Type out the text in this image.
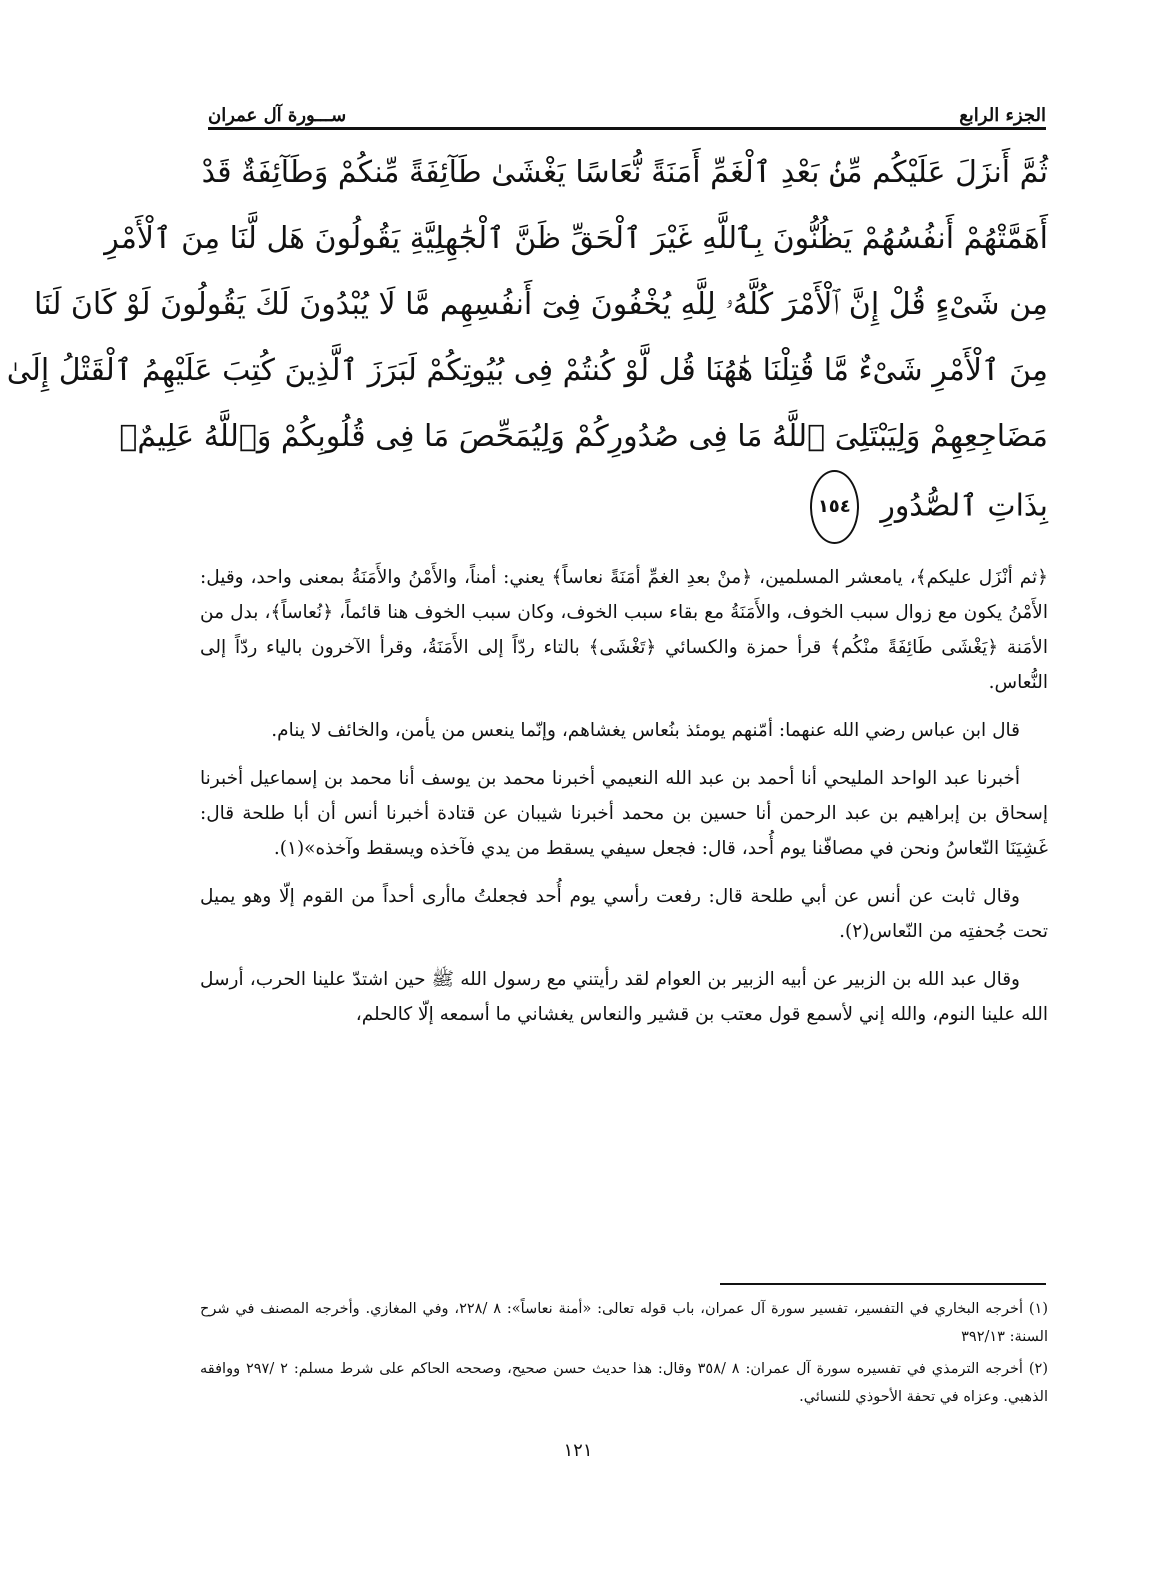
الجزء الرابع
ســـورة آل عمران
ثُمَّ أَنزَلَ عَلَيْكُم مِّنۢ بَعْدِ ٱلْغَمِّ أَمَنَةً نُّعَاسًا يَغْشَىٰ طَآئِفَةً مِّنكُمْ وَطَآئِفَةٌ قَدْ
أَهَمَّتْهُمْ أَنفُسُهُمْ يَظُنُّونَ بِٱللَّهِ غَيْرَ ٱلْحَقِّ ظَنَّ ٱلْجَٰهِلِيَّةِ يَقُولُونَ هَل لَّنَا مِنَ ٱلْأَمْرِ
مِن شَىْءٍ قُلْ إِنَّ ٱلْأَمْرَ كُلَّهُۥ لِلَّهِ يُخْفُونَ فِىٓ أَنفُسِهِم مَّا لَا يُبْدُونَ لَكَ يَقُولُونَ لَوْ كَانَ لَنَا
مِنَ ٱلْأَمْرِ شَىْءٌ مَّا قُتِلْنَا هَٰهُنَا قُل لَّوْ كُنتُمْ فِى بُيُوتِكُمْ لَبَرَزَ ٱلَّذِينَ كُتِبَ عَلَيْهِمُ ٱلْقَتْلُ إِلَىٰ
مَضَاجِعِهِمْ وَلِيَبْتَلِىَ ٱللَّهُ مَا فِى صُدُورِكُمْ وَلِيُمَحِّصَ مَا فِى قُلُوبِكُمْ وَٱللَّهُ عَلِيمٌۢ
بِذَاتِ ٱلصُّدُورِ ١٥٤

﴿ثم أنْزَل عليكم﴾، يامعشر المسلمين، ﴿منْ بعدِ الغمِّ أمَنَةً نعاساً﴾ يعني: أمناً، والأَمْنُ والأَمَنَةُ بمعنى واحد، وقيل: الأَمْنُ يكون مع زوال سبب الخوف، والأَمَنَةُ مع بقاء سبب الخوف، وكان سبب الخوف هنا قائماً، ﴿نُعاساً﴾، بدل من الأمَنة ﴿يَغْشَى طَائِفَةً منْكُم﴾ قرأ حمزة والكسائي ﴿تَغْشَى﴾ بالتاء ردّاً إلى الأَمَنَةُ، وقرأ الآخرون بالياء ردّاً إلى النُّعاس.

قال ابن عباس رضي الله عنهما: أمّنهم يومئذ بنُعاس يغشاهم، وإنّما ينعس من يأمن، والخائف لا ينام.

أخبرنا عبد الواحد المليحي أنا أحمد بن عبد الله النعيمي أخبرنا محمد بن يوسف أنا محمد بن إسماعيل أخبرنا إسحاق بن إبراهيم بن عبد الرحمن أنا حسين بن محمد أخبرنا شيبان عن قتادة أخبرنا أنس أن أبا طلحة قال: غَشِيَنَا النّعاسُ ونحن في مصافّنا يوم أُحد، قال: فجعل سيفي يسقط من يدي فآخذه ويسقط وآخذه»(١).

وقال ثابت عن أنس عن أبي طلحة قال: رفعت رأسي يوم أُحد فجعلتُ ماأرى أحداً من القوم إلّا وهو يميل تحت جُحفتِه من النّعاس(٢).

وقال عبد الله بن الزبير عن أبيه الزبير بن العوام لقد رأيتني مع رسول الله ﷺ حين اشتدّ علينا الحرب، أرسل الله علينا النوم، والله إني لأسمع قول معتب بن قشير والنعاس يغشاني ما أسمعه إلّا كالحلم،

(١) أخرجه البخاري في التفسير، تفسير سورة آل عمران، باب قوله تعالى: «أمنة نعاساً»: ٨ /٢٢٨، وفي المغازي. وأخرجه المصنف في شرح السنة: ٣٩٢/١٣

(٢) أخرجه الترمذي في تفسيره سورة آل عمران: ٨ /٣٥٨ وقال: هذا حديث حسن صحيح، وصححه الحاكم على شرط مسلم: ٢ /٢٩٧ ووافقه الذهبي. وعزاه في تحفة الأحوذي للنسائي.

١٢١
